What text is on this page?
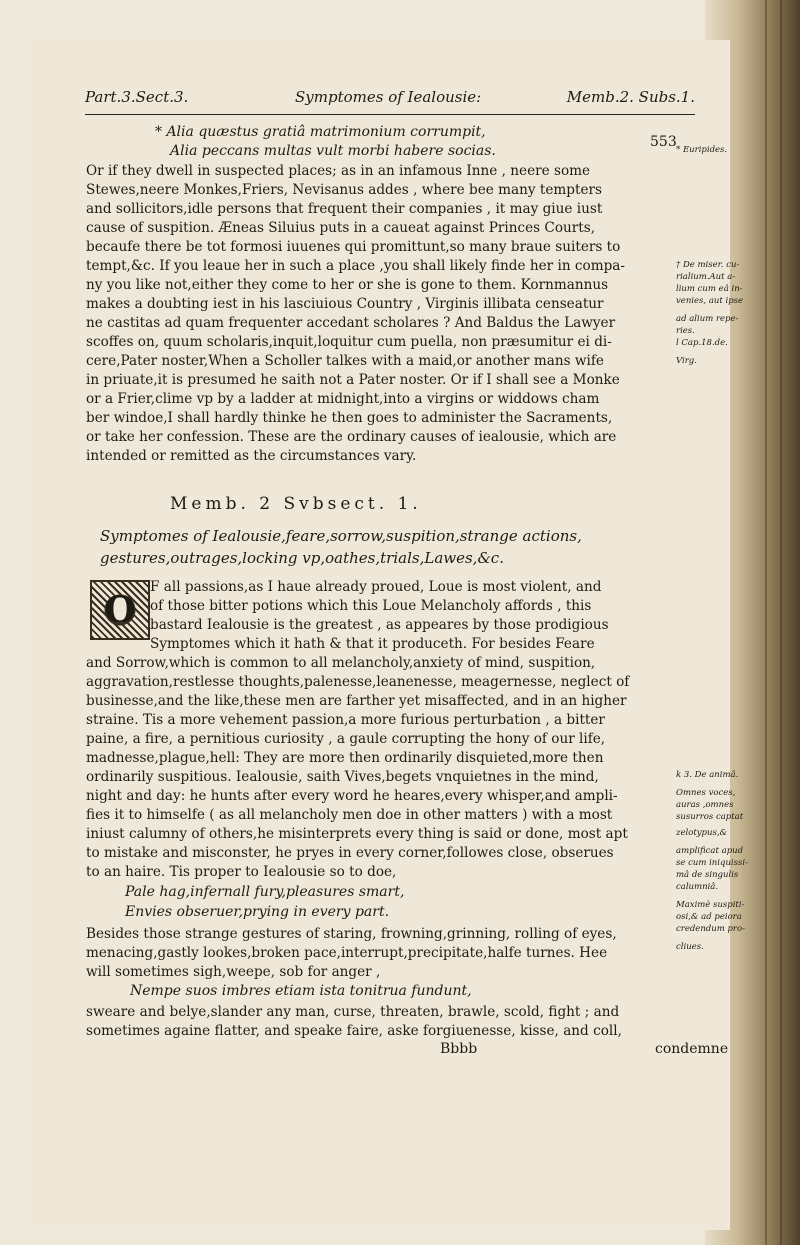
Part.3.Sect.3.	Symptomes of Iealousie:	Memb.2. Subs.1.
553
* Alia quæstus gratiâ matrimonium corrumpit,
Alia peccans multas vult morbi habere socias.
Or if they dwell in suspected places; as in an infamous Inne , neere some
Stewes,neere Monkes,Friers, Nevisanus addes , where bee many tempters
and sollicitors,idle persons that frequent their companies , it may giue iust
cause of suspition. Æneas Siluius puts in a caueat against Princes Courts,
becaufe there be tot formosi iuuenes qui promittunt,so many braue suiters to
tempt,&c. If you leaue her in such a place ,you shall likely finde her in compa-
ny you like not,either they come to her or she is gone to them. Kornmannus
makes a doubting iest in his lasciuious Country , Virginis illibata censeatur
ne castitas ad quam frequenter accedant scholares ? And Baldus the Lawyer
scoffes on, quum scholaris,inquit,loquitur cum puella, non præsumitur ei di-
cere,Pater noster,When a Scholler talkes with a maid,or another mans wife
in priuate,it is presumed he saith not a Pater noster. Or if I shall see a Monke
or a Frier,clime vp by a ladder at midnight,into a virgins or widdows cham
ber windoe,I shall hardly thinke he then goes to administer the Sacraments,
or take her confession. These are the ordinary causes of iealousie, which are
intended or remitted as the circumstances vary.
Memb. 2 Svbsect. 1.
Symptomes of Iealousie,feare,sorrow,suspition,strange actions,
gestures,outrages,locking vp,oathes,trials,Lawes,&c.
O
F all passions,as I haue already proued, Loue is most violent, and
of those bitter potions which this Loue Melancholy affords , this
bastard Iealousie is the greatest , as appeares by those prodigious
Symptomes which it hath & that it produceth. For besides Feare
and Sorrow,which is common to all melancholy,anxiety of mind, suspition,
aggravation,restlesse thoughts,palenesse,leanenesse, meagernesse, neglect of
businesse,and the like,these men are farther yet misaffected, and in an higher
straine. Tis a more vehement passion,a more furious perturbation , a bitter
paine, a fire, a pernitious curiosity , a gaule corrupting the hony of our life,
madnesse,plague,hell: They are more then ordinarily disquieted,more then
ordinarily suspitious. Iealousie, saith Vives,begets vnquietnes in the mind,
night and day: he hunts after every word he heares,every whisper,and ampli-
fies it to himselfe ( as all melancholy men doe in other matters ) with a most
iniust calumny of others,he misinterprets every thing is said or done, most apt
to mistake and misconster, he pryes in every corner,followes close, obserues
to an haire. Tis proper to Iealousie so to doe,
Pale hag,infernall fury,pleasures smart,
Envies obseruer,prying in every part.
Besides those strange gestures of staring, frowning,grinning, rolling of eyes,
menacing,gastly lookes,broken pace,interrupt,precipitate,halfe turnes. Hee
will sometimes sigh,weepe, sob for anger ,
Nempe suos imbres etiam ista tonitrua fundunt,
sweare and belye,slander any man, curse, threaten, brawle, scold, fight ; and
sometimes againe flatter, and speake faire, aske forgiuenesse, kisse, and coll,
Bbbb	condemne
* Euripides.
† De miser. cu-
rialium.Aut a-
lium cum eâ in-
venies, aut ipse
ad alium repe-
ries.
l Cap.18.de.
Virg.
k 3. De animâ.
Omnes voces,
auras ,omnes
susurros captat
zelotypus,&
amplificat apud
se cum iniquissi-
mâ de singulis
calumniâ.
Maximè suspiti-
osi,& ad peiora
credendum pro-
cliues.
